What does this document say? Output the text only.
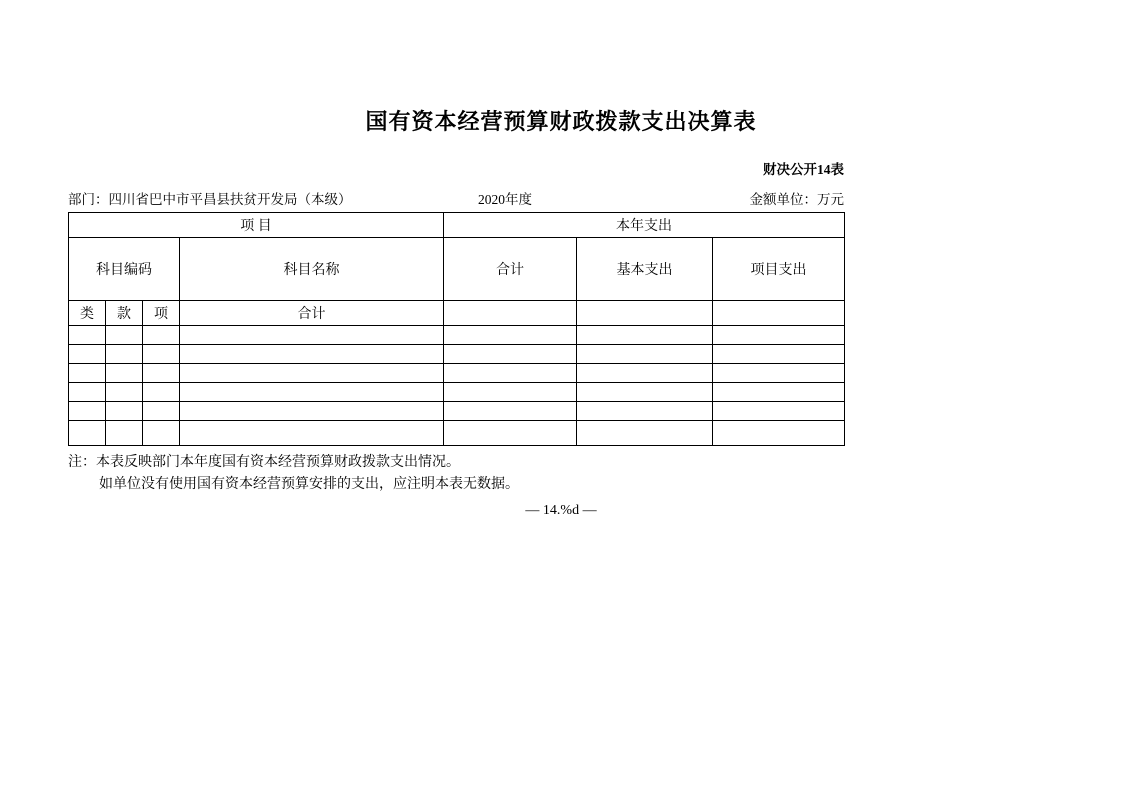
国有资本经营预算财政拨款支出决算表
财决公开14表
部门：四川省巴中市平昌县扶贫开发局（本级）	2020年度	金额单位：万元
项 目				本年支出		
科目编码			科目名称	合计	基本支出	项目支出
类	款	项	合计			

注：本表反映部门本年度国有资本经营预算财政拨款支出情况。
如单位没有使用国有资本经营预算安排的支出，应注明本表无数据。
— 14.%d —
